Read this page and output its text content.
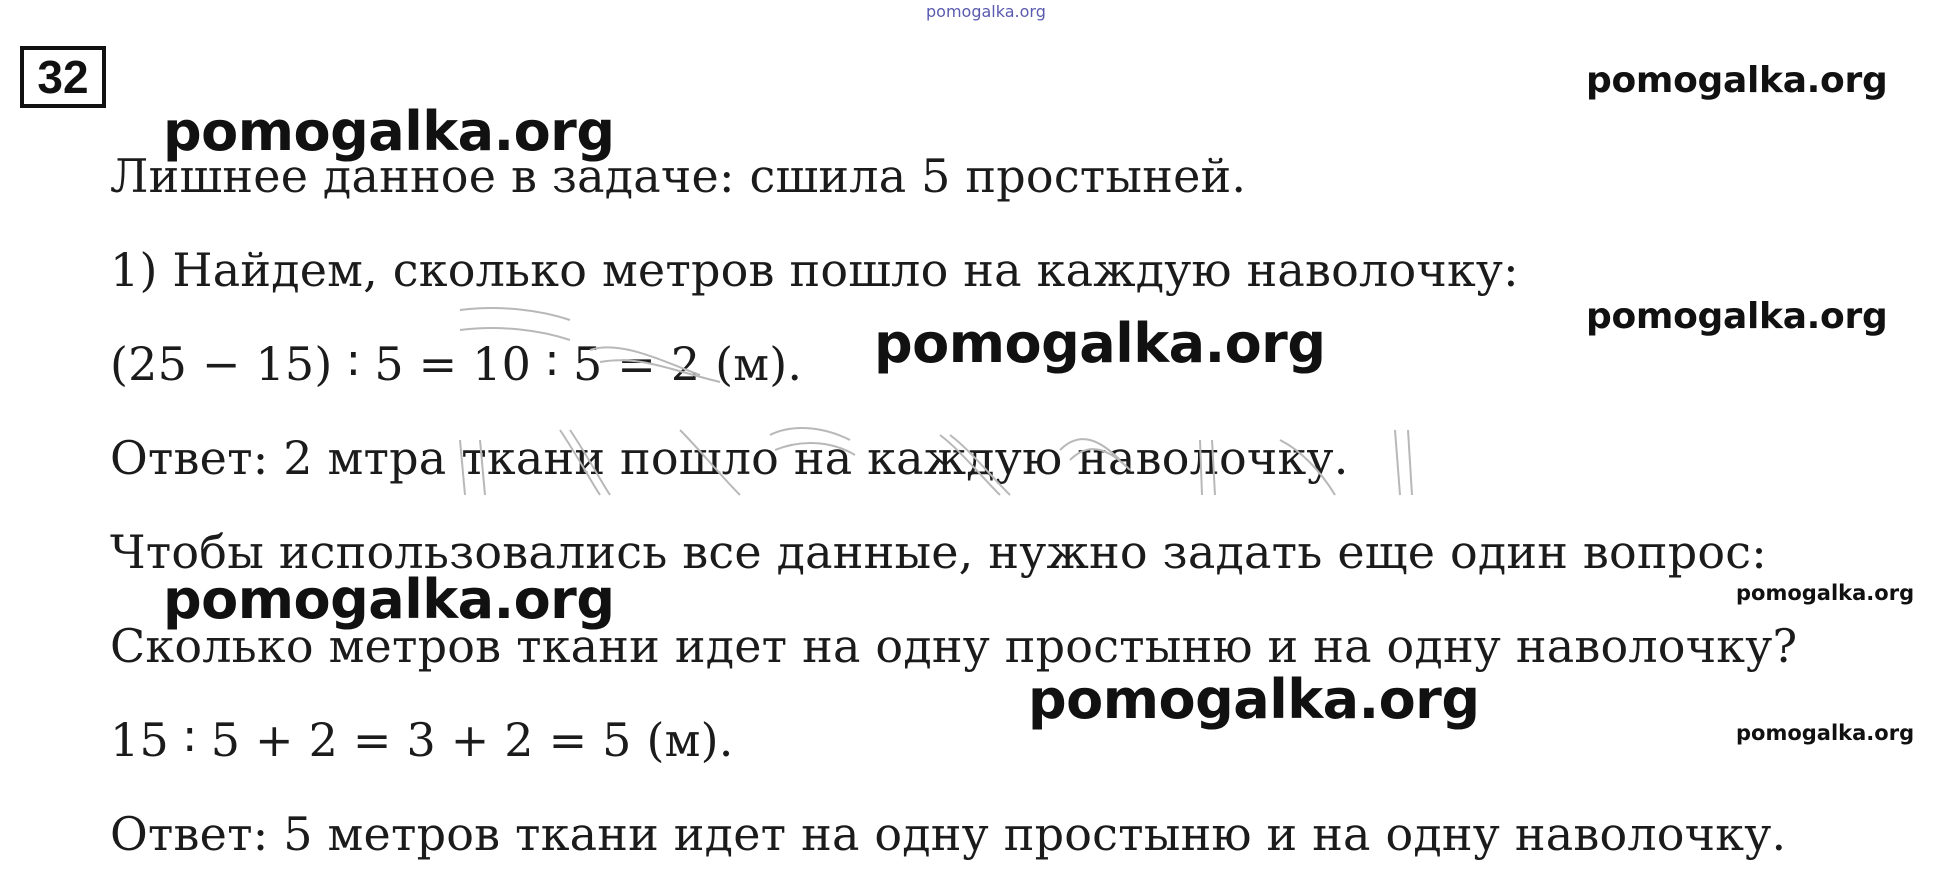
pomogalka.org
32	pomogalka.org
pomogalka.org
Лишнее данное в задаче: сшила 5 простыней.
1) Найдем, сколько метров пошло на каждую наволочку:
pomogalka.org
(25 − 15) ∶ 5 = 10 ∶ 5 = 2 (м). pomogalka.org
Ответ: 2 мтра ткани пошло на каждую наволочку.
Чтобы использовались все данные, нужно задать еще один вопрос:
pomogalka.org	pomogalka.org
Сколько метров ткани идет на одну простыню и на одну наволочку?
pomogalka.org
pomogalka.org
15 ∶ 5 + 2 = 3 + 2 = 5 (м).
Ответ: 5 метров ткани идет на одну простыню и на одну наволочку.
